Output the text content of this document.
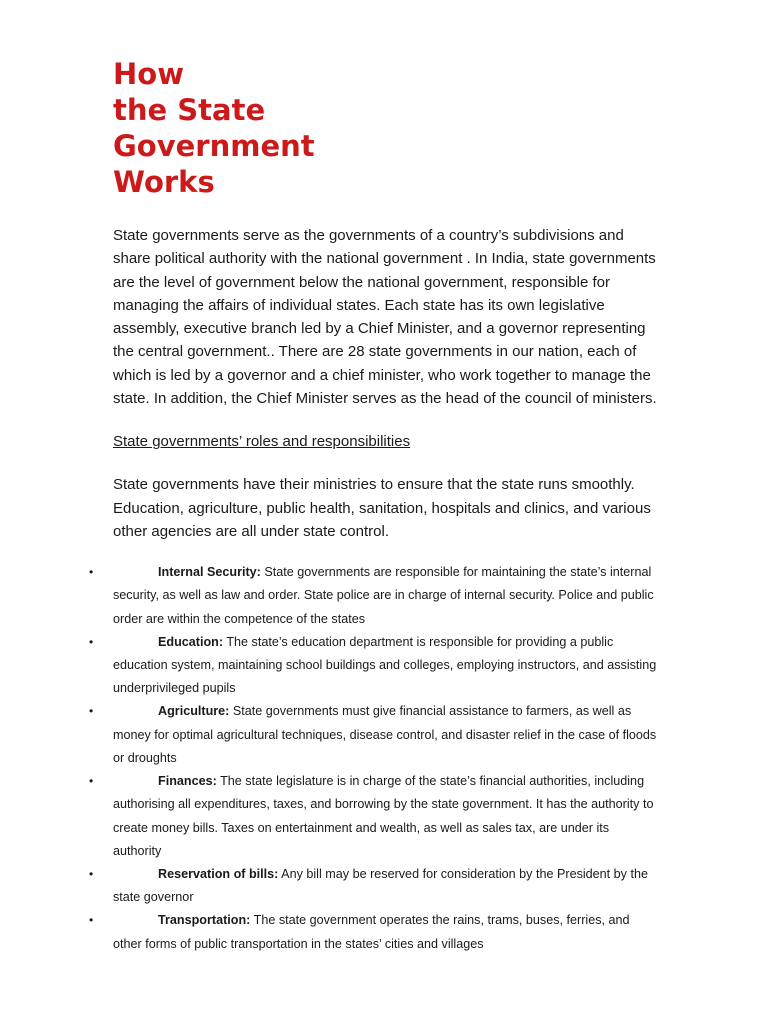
How
the State
Government
Works

State governments serve as the governments of a country’s subdivisions and share political authority with the national government . In India, state governments are the level of government below the national government, responsible for managing the affairs of individual states. Each state has its own legislative assembly, executive branch led by a Chief Minister, and a governor representing the central government.. There are 28 state governments in our nation, each of which is led by a governor and a chief minister, who work together to manage the state. In addition, the Chief Minister serves as the head of the council of ministers.

State governments’ roles and responsibilities

State governments have their ministries to ensure that the state runs smoothly. Education, agriculture, public health, sanitation, hospitals and clinics, and various other agencies are all under state control.

•	Internal Security: State governments are responsible for maintaining the state’s internal security, as well as law and order. State police are in charge of internal security. Police and public order are within the competence of the states
•	Education: The state’s education department is responsible for providing a public education system, maintaining school buildings and colleges, employing instructors, and assisting underprivileged pupils
•	Agriculture: State governments must give financial assistance to farmers, as well as money for optimal agricultural techniques, disease control, and disaster relief in the case of floods or droughts
•	Finances: The state legislature is in charge of the state’s financial authorities, including authorising all expenditures, taxes, and borrowing by the state government. It has the authority to create money bills. Taxes on entertainment and wealth, as well as sales tax, are under its authority
•	Reservation of bills: Any bill may be reserved for consideration by the President by the state governor
•	Transportation: The state government operates the rains, trams, buses, ferries, and other forms of public transportation in the states’ cities and villages
